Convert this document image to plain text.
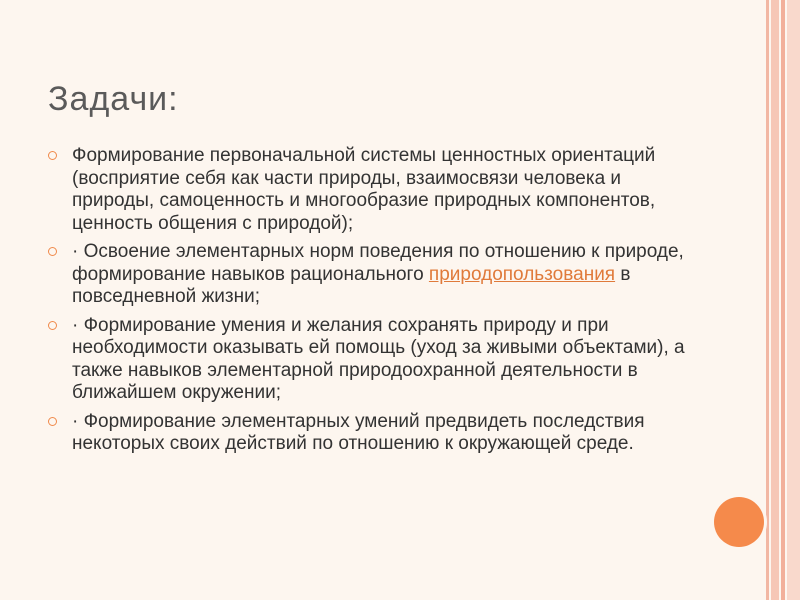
Задачи:
Формирование первоначальной системы ценностных ориентаций (восприятие себя как части природы, взаимосвязи человека и природы, самоценность и многообразие природных компонентов, ценность общения с природой);
· Освоение элементарных норм поведения по отношению к природе, формирование навыков рационального природопользования в повседневной жизни;
· Формирование умения и желания сохранять природу и при необходимости оказывать ей помощь (уход за живыми объектами), а также навыков элементарной природоохранной деятельности в ближайшем окружении;
· Формирование элементарных умений предвидеть последствия некоторых своих действий по отношению к окружающей среде.
